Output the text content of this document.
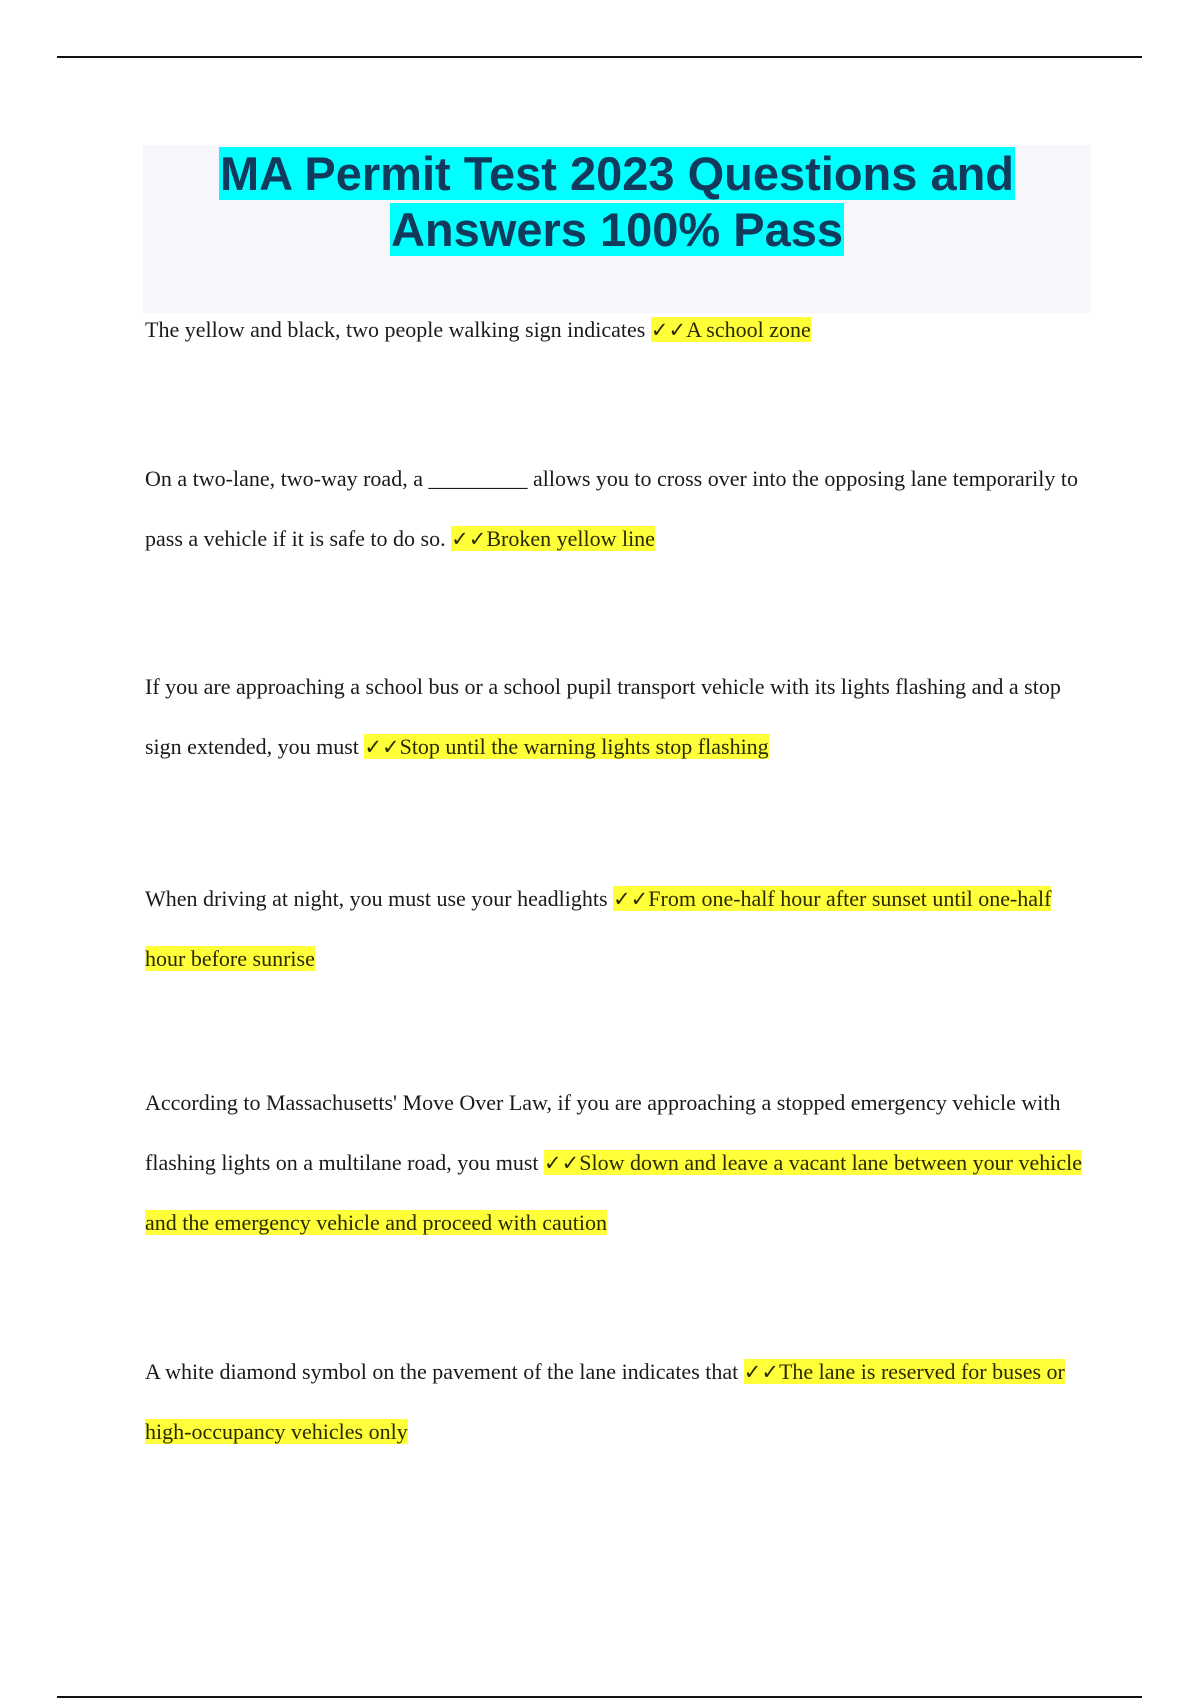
MA Permit Test 2023 Questions and
Answers 100% Pass

The yellow and black, two people walking sign indicates ✓✓A school zone

On a two-lane, two-way road, a _________ allows you to cross over into the opposing lane temporarily to pass a vehicle if it is safe to do so. ✓✓Broken yellow line

If you are approaching a school bus or a school pupil transport vehicle with its lights flashing and a stop sign extended, you must ✓✓Stop until the warning lights stop flashing

When driving at night, you must use your headlights ✓✓From one-half hour after sunset until one-half hour before sunrise

According to Massachusetts' Move Over Law, if you are approaching a stopped emergency vehicle with flashing lights on a multilane road, you must ✓✓Slow down and leave a vacant lane between your vehicle and the emergency vehicle and proceed with caution

A white diamond symbol on the pavement of the lane indicates that ✓✓The lane is reserved for buses or high-occupancy vehicles only
